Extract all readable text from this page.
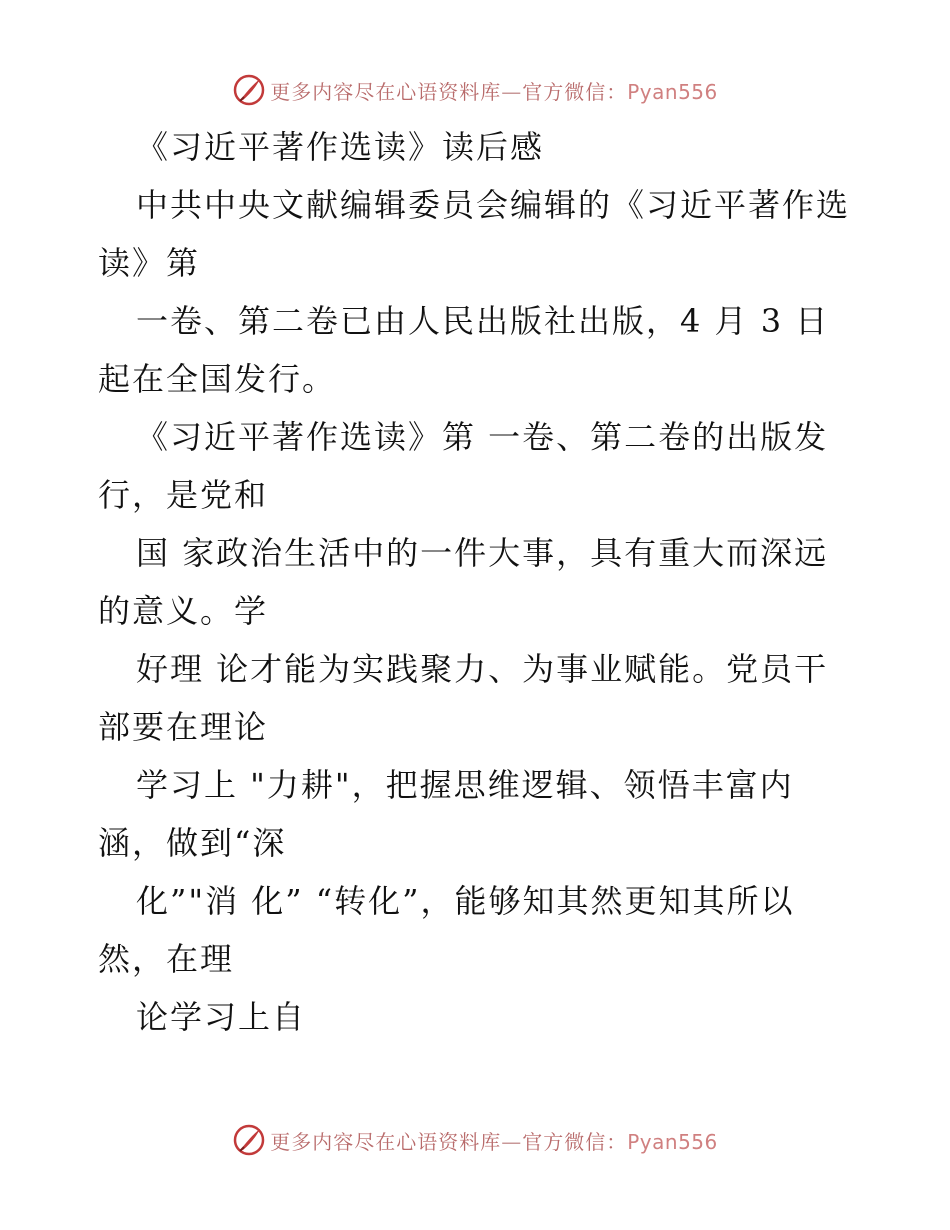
更多内容尽在心语资料库—官方微信：Pyan556
《习近平著作选读》读后感
中共中央文献编辑委员会编辑的《习近平著作选
读》第
一卷、第二卷已由人民出版社出版，4 月 3 日
起在全国发行。
《习近平著作选读》第 一卷、第二卷的出版发
行，是党和
国 家政治生活中的一件大事，具有重大而深远
的意义。学
好理 论才能为实践聚力、为事业赋能。党员干
部要在理论
学习上 "力耕"，把握思维逻辑、领悟丰富内
涵，做到“深
化”"消 化” “转化”，能够知其然更知其所以
然，在理
论学习上自
更多内容尽在心语资料库—官方微信：Pyan556
